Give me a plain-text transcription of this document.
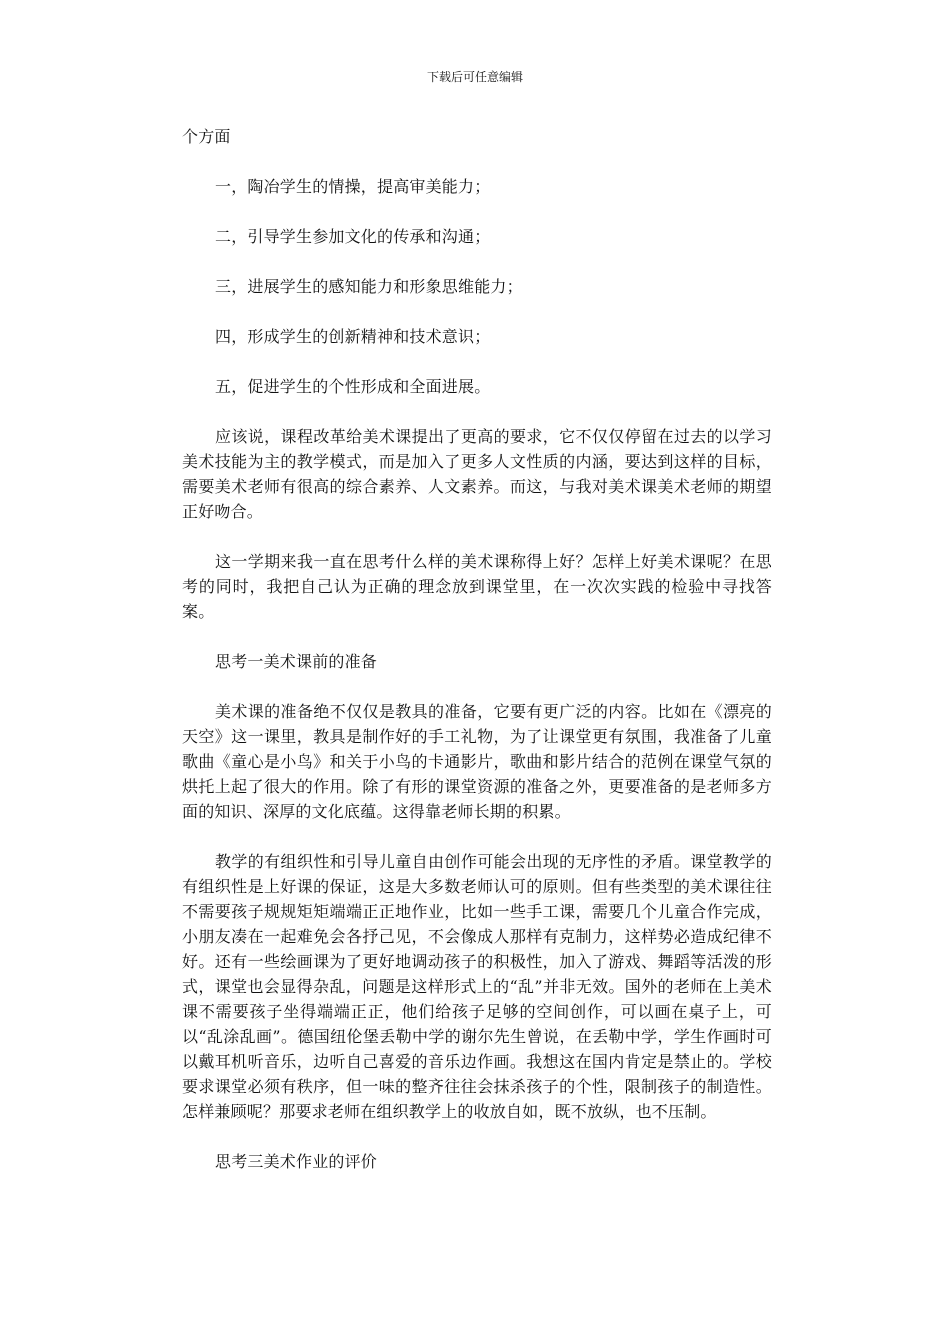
下载后可任意编辑

个方面

一，陶冶学生的情操，提高审美能力；

二，引导学生参加文化的传承和沟通；

三，进展学生的感知能力和形象思维能力；

四，形成学生的创新精神和技术意识；

五，促进学生的个性形成和全面进展。

应该说，课程改革给美术课提出了更高的要求，它不仅仅停留在过去的以学习美术技能为主的教学模式，而是加入了更多人文性质的内涵，要达到这样的目标，需要美术老师有很高的综合素养、人文素养。而这，与我对美术课美术老师的期望正好吻合。

这一学期来我一直在思考什么样的美术课称得上好？怎样上好美术课呢？在思考的同时，我把自己认为正确的理念放到课堂里，在一次次实践的检验中寻找答案。

思考一美术课前的准备

美术课的准备绝不仅仅是教具的准备，它要有更广泛的内容。比如在《漂亮的天空》这一课里，教具是制作好的手工礼物，为了让课堂更有氛围，我准备了儿童歌曲《童心是小鸟》和关于小鸟的卡通影片，歌曲和影片结合的范例在课堂气氛的烘托上起了很大的作用。除了有形的课堂资源的准备之外，更要准备的是老师多方面的知识、深厚的文化底蕴。这得靠老师长期的积累。

教学的有组织性和引导儿童自由创作可能会出现的无序性的矛盾。课堂教学的有组织性是上好课的保证，这是大多数老师认可的原则。但有些类型的美术课往往不需要孩子规规矩矩端端正正地作业，比如一些手工课，需要几个儿童合作完成，小朋友凑在一起难免会各抒己见，不会像成人那样有克制力，这样势必造成纪律不好。还有一些绘画课为了更好地调动孩子的积极性，加入了游戏、舞蹈等活泼的形式，课堂也会显得杂乱，问题是这样形式上的“乱”并非无效。国外的老师在上美术课不需要孩子坐得端端正正，他们给孩子足够的空间创作，可以画在桌子上，可以“乱涂乱画”。德国纽伦堡丢勒中学的谢尔先生曾说，在丢勒中学，学生作画时可以戴耳机听音乐，边听自己喜爱的音乐边作画。我想这在国内肯定是禁止的。学校要求课堂必须有秩序，但一味的整齐往往会抹杀孩子的个性，限制孩子的制造性。怎样兼顾呢？那要求老师在组织教学上的收放自如，既不放纵，也不压制。

思考三美术作业的评价
